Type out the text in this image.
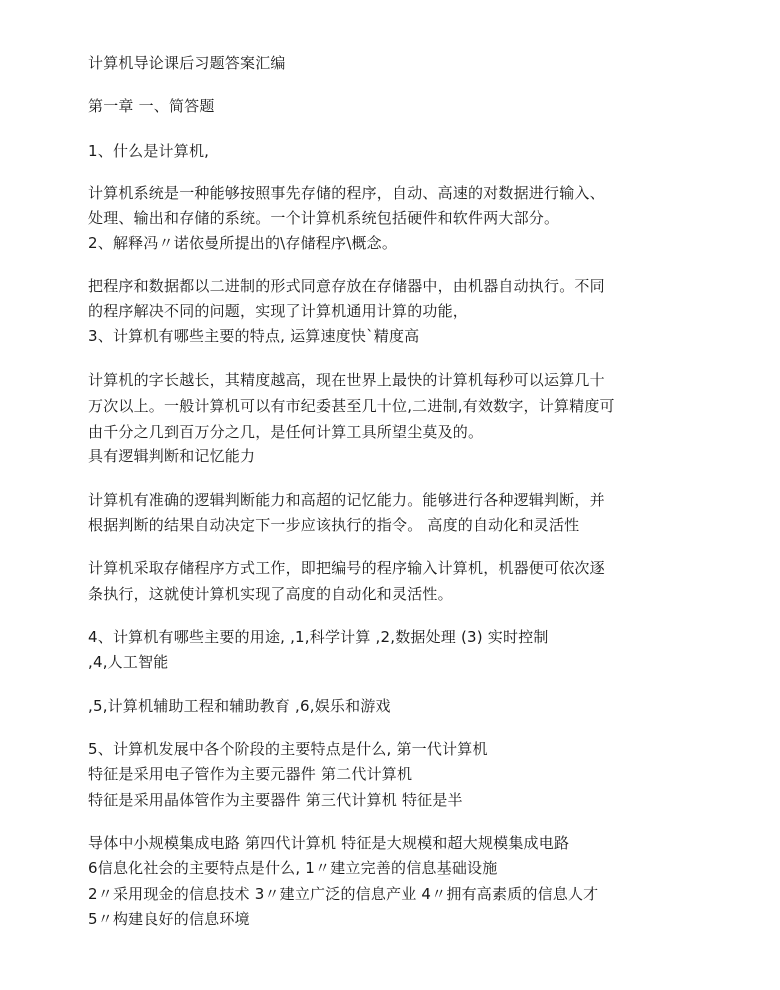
计算机导论课后习题答案汇编
第一章 一、简答题
1、什么是计算机,
计算机系统是一种能够按照事先存储的程序，自动、高速的对数据进行输入、
处理、输出和存储的系统。一个计算机系统包括硬件和软件两大部分。
2、解释冯〃诺依曼所提出的\存储程序\概念。
把程序和数据都以二进制的形式同意存放在存储器中，由机器自动执行。不同
的程序解决不同的问题，实现了计算机通用计算的功能，
3、计算机有哪些主要的特点, 运算速度快`精度高
计算机的字长越长，其精度越高，现在世界上最快的计算机每秒可以运算几十
万次以上。一般计算机可以有市纪委甚至几十位,二进制,有效数字，计算精度可
由千分之几到百万分之几，是任何计算工具所望尘莫及的。
具有逻辑判断和记忆能力
计算机有准确的逻辑判断能力和高超的记忆能力。能够进行各种逻辑判断，并
根据判断的结果自动决定下一步应该执行的指令。 高度的自动化和灵活性
计算机采取存储程序方式工作，即把编号的程序输入计算机，机器便可依次逐
条执行，这就使计算机实现了高度的自动化和灵活性。
4、计算机有哪些主要的用途, ,1,科学计算 ,2,数据处理 (3) 实时控制
,4,人工智能
,5,计算机辅助工程和辅助教育 ,6,娱乐和游戏
5、计算机发展中各个阶段的主要特点是什么, 第一代计算机
特征是采用电子管作为主要元器件 第二代计算机
特征是采用晶体管作为主要器件 第三代计算机 特征是半
导体中小规模集成电路 第四代计算机 特征是大规模和超大规模集成电路
6信息化社会的主要特点是什么, 1〃建立完善的信息基础设施
2〃采用现金的信息技术 3〃建立广泛的信息产业 4〃拥有高素质的信息人才
5〃构建良好的信息环境
